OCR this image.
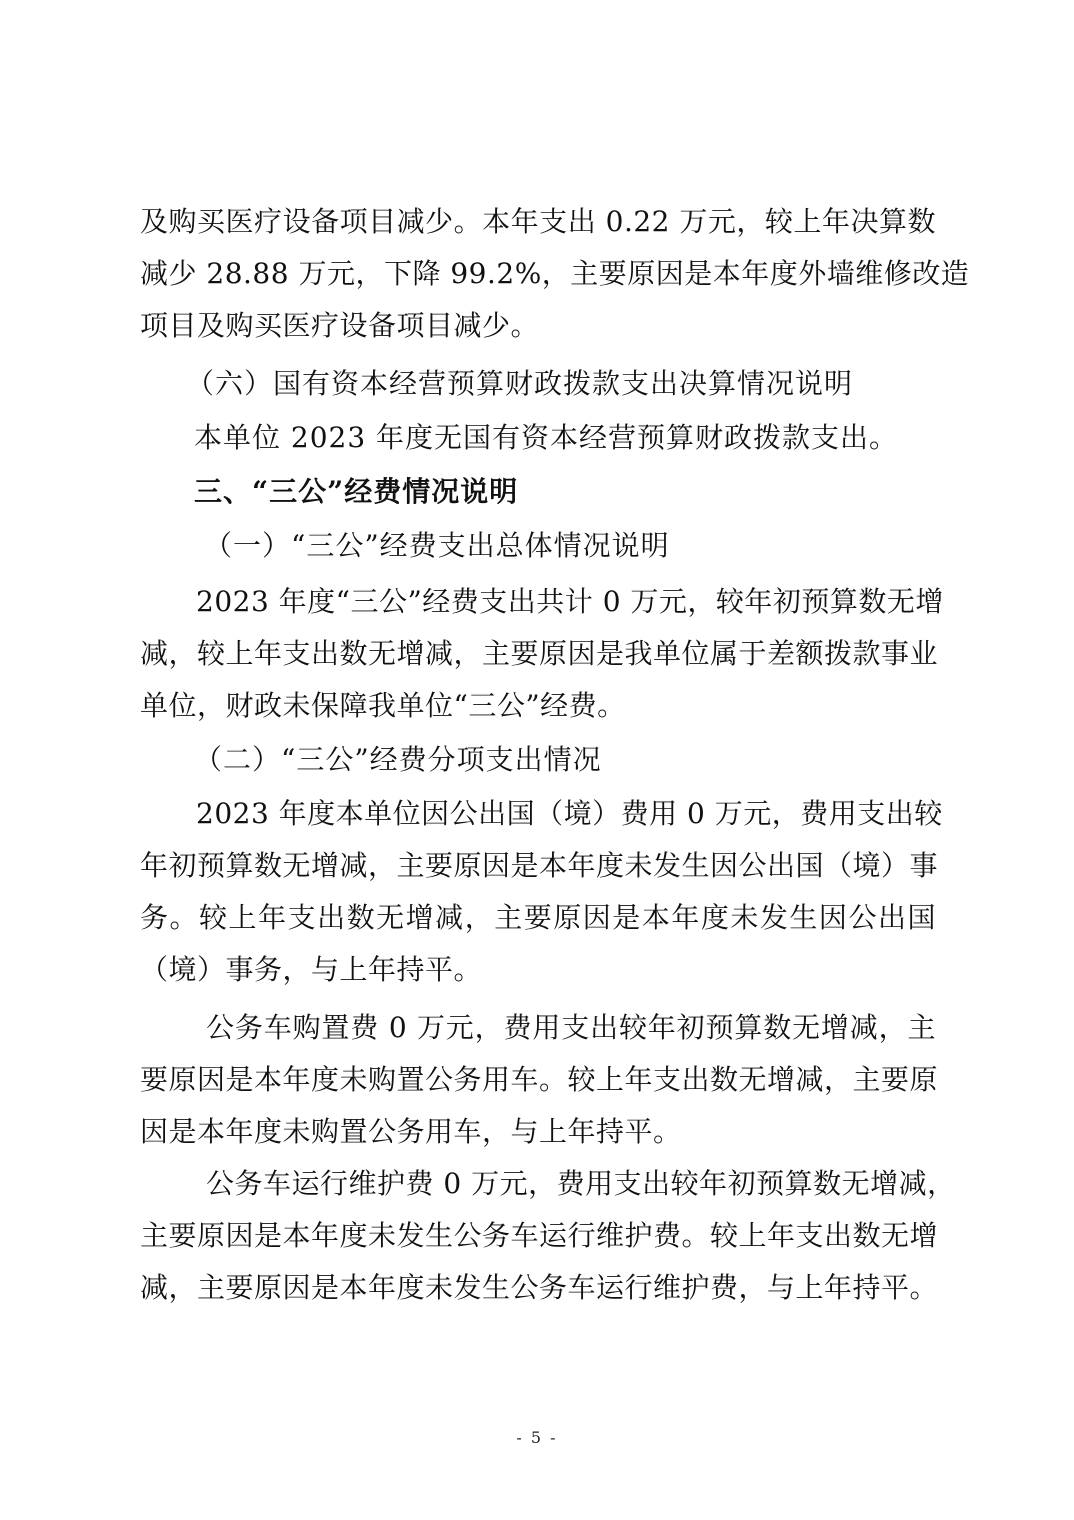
及购买医疗设备项目减少。本年支出 0.22 万元，较上年决算数
减少 28.88 万元，下降 99.2%，主要原因是本年度外墙维修改造
项目及购买医疗设备项目减少。
（六）国有资本经营预算财政拨款支出决算情况说明
本单位 2023 年度无国有资本经营预算财政拨款支出。
三、“三公”经费情况说明
（一）“三公”经费支出总体情况说明
2023 年度“三公”经费支出共计 0 万元，较年初预算数无增
减，较上年支出数无增减，主要原因是我单位属于差额拨款事业
单位，财政未保障我单位“三公”经费。
（二）“三公”经费分项支出情况
2023 年度本单位因公出国（境）费用 0 万元，费用支出较
年初预算数无增减，主要原因是本年度未发生因公出国（境）事
务。较上年支出数无增减，主要原因是本年度未发生因公出国
（境）事务，与上年持平。
公务车购置费 0 万元，费用支出较年初预算数无增减，主
要原因是本年度未购置公务用车。较上年支出数无增减，主要原
因是本年度未购置公务用车，与上年持平。
公务车运行维护费 0 万元，费用支出较年初预算数无增减，
主要原因是本年度未发生公务车运行维护费。较上年支出数无增
减，主要原因是本年度未发生公务车运行维护费，与上年持平。
- 5 -
